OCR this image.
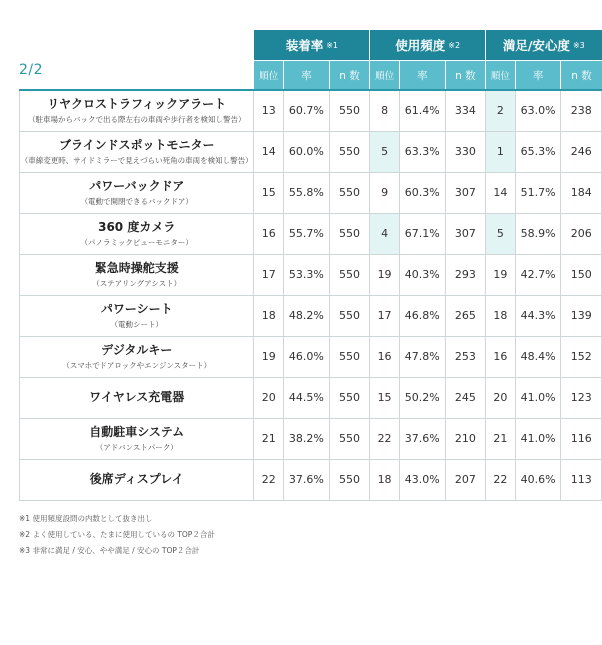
2/2
	装着率 ※1			使用頻度 ※2			満足/安心度 ※3		
	順位	率	n 数	順位	率	n 数	順位	率	n 数

リヤクロストラフィックアラート
（駐車場からバックで出る際左右の車両や歩行者を検知し警告）	13	60.7%	550	8	61.4%	334	2	63.0%	238

ブラインドスポットモニター
（車線変更時、サイドミラーで見えづらい死角の車両を検知し警告）	14	60.0%	550	5	63.3%	330	1	65.3%	246

パワーバックドア
（電動で開閉できるバックドア）	15	55.8%	550	9	60.3%	307	14	51.7%	184

360 度カメラ
（パノラミックビューモニター）	16	55.7%	550	4	67.1%	307	5	58.9%	206

緊急時操舵支援
（ステアリングアシスト）	17	53.3%	550	19	40.3%	293	19	42.7%	150

パワーシート
（電動シート）	18	48.2%	550	17	46.8%	265	18	44.3%	139

デジタルキー
（スマホでドアロックやエンジンスタート）	19	46.0%	550	16	47.8%	253	16	48.4%	152

ワイヤレス充電器	20	44.5%	550	15	50.2%	245	20	41.0%	123

自動駐車システム
（アドバンストパーク）	21	38.2%	550	22	37.6%	210	21	41.0%	116

後席ディスプレイ	22	37.6%	550	18	43.0%	207	22	40.6%	113
※1 使用頻度設問の内数として抜き出し
※2 よく使用している、たまに使用しているの TOP２合計
※3 非常に満足 / 安心、やや満足 / 安心の TOP２合計
